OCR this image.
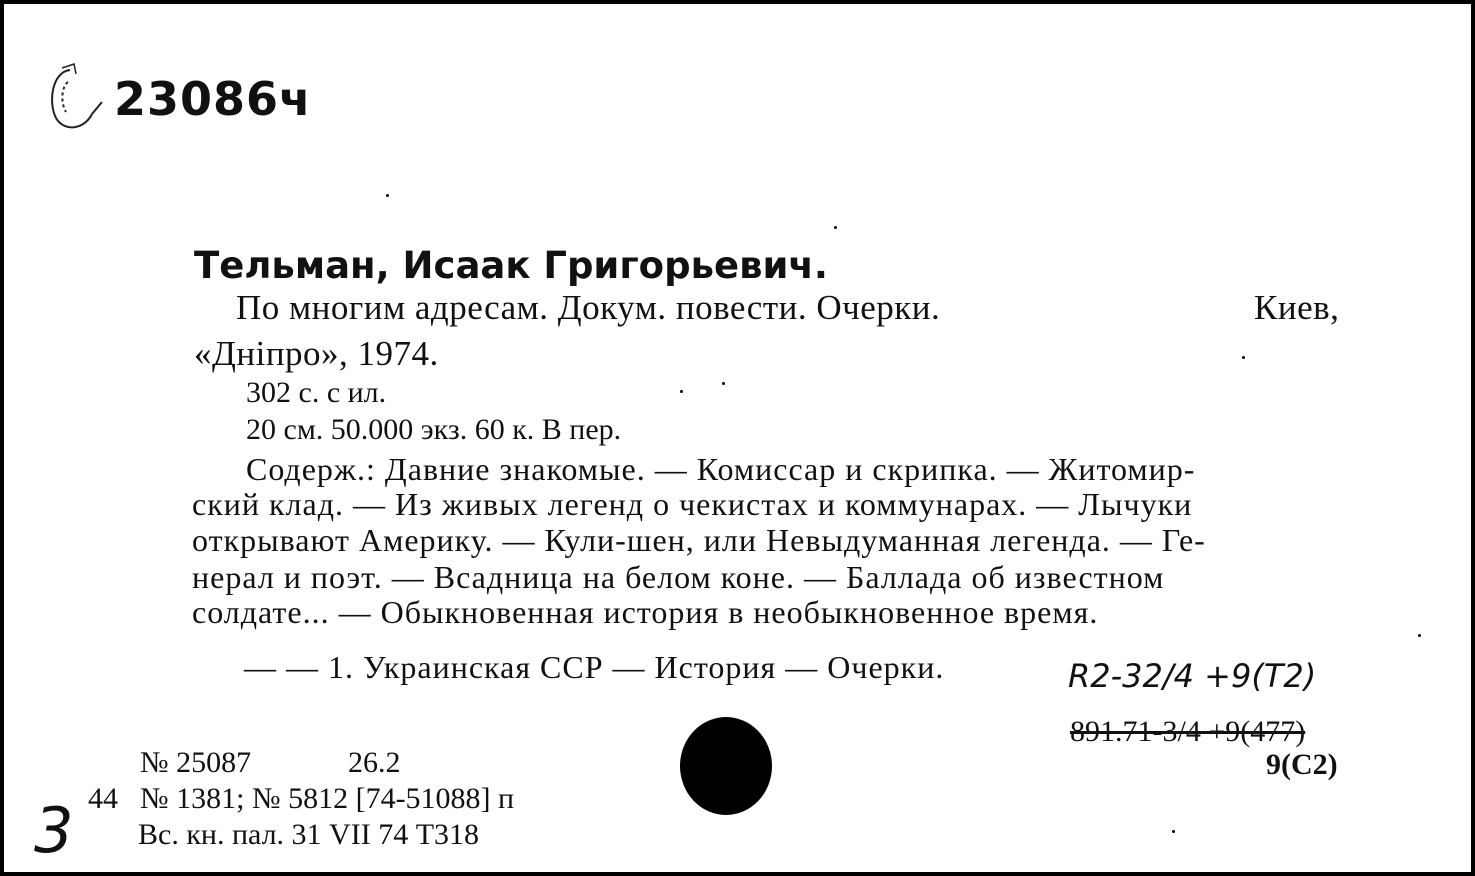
23086ч
Тельман, Исаак Григорьевич.
По многим адресам. Докум. повести. Очерки.	Киев,
«Дніпро», 1974.
302 с. с ил.
20 см. 50.000 экз. 60 к. В пер.
Содерж.: Давние знакомые. — Комиссар и скрипка. — Житомир-
ский клад. — Из живых легенд о чекистах и коммунарах. — Лычуки
открывают Америку. — Кули-шен, или Невыдуманная легенда. — Ге-
нерал и поэт. — Всадница на белом коне. — Баллада об известном
солдате... — Обыкновенная история в необыкновенное время.
— — 1. Украинская ССР — История — Очерки.	R2-32/4 +9(T2)
891.71-3/4 +9(477)
9(С2)
№ 25087	26.2
44 № 1381; № 5812 [74-51088] п
Вс. кн. пал. 31 VII 74 Т318
3
